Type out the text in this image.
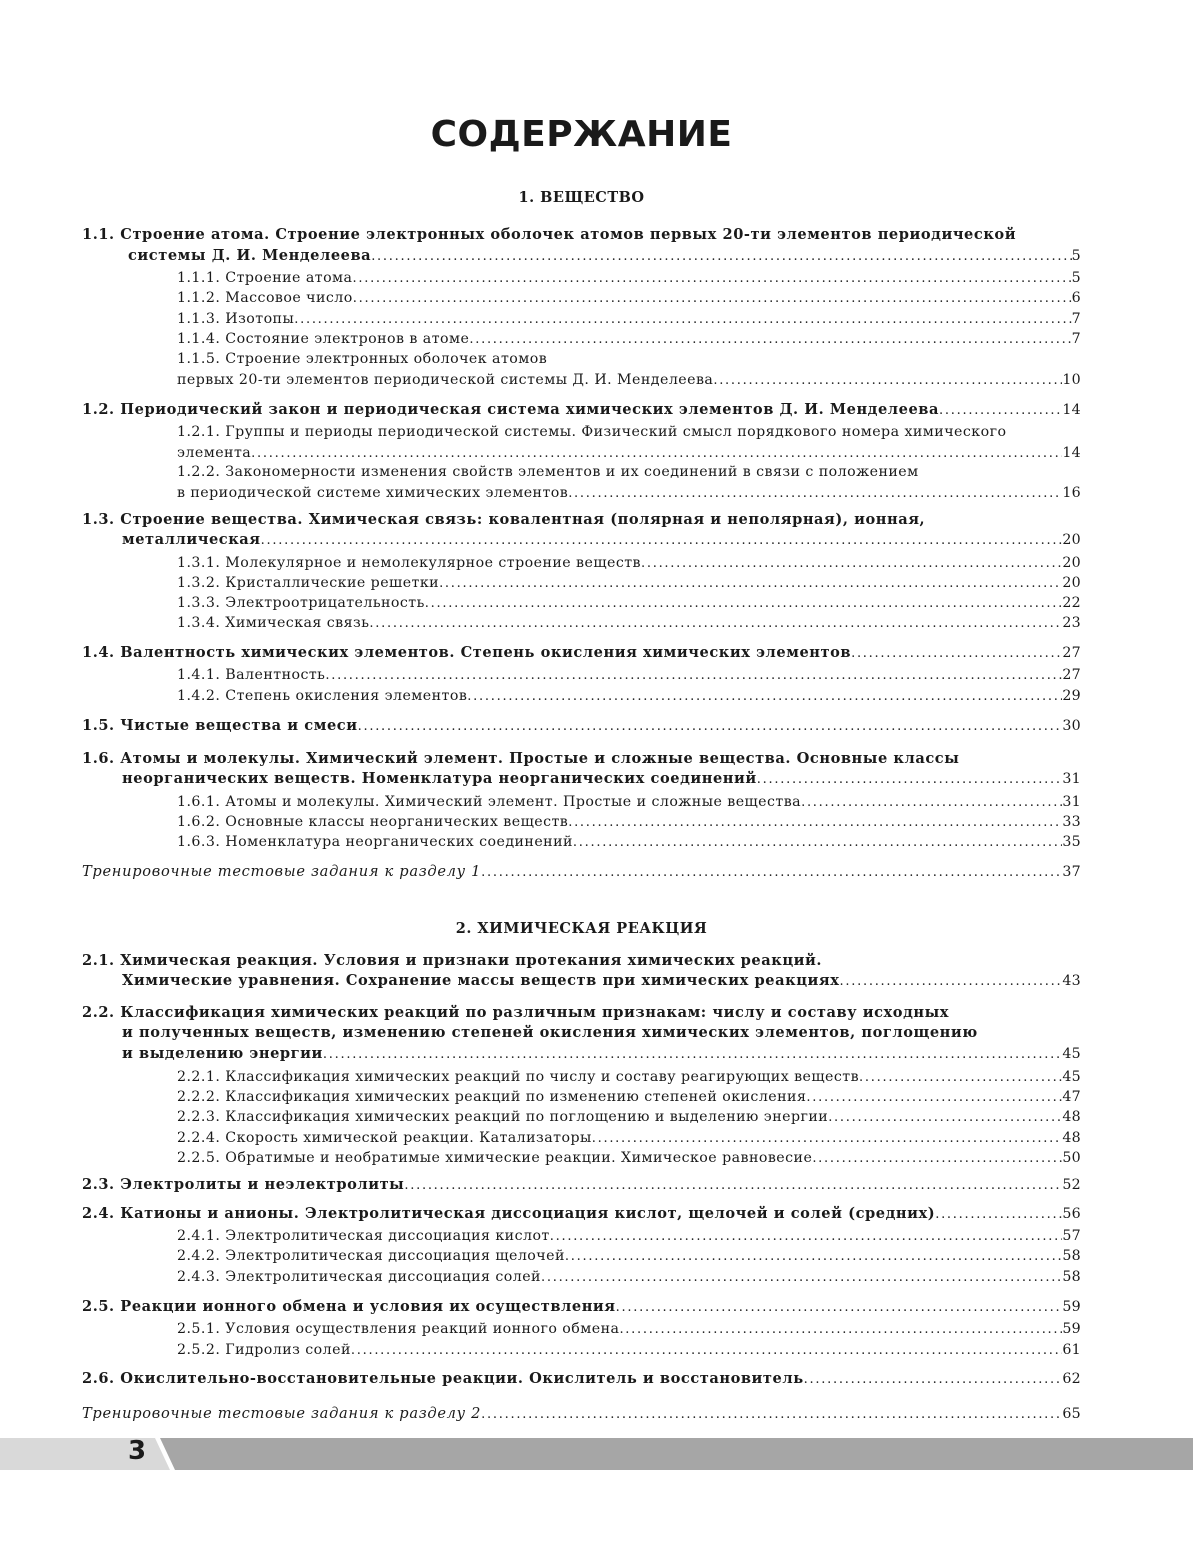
СОДЕРЖАНИЕ
1. ВЕЩЕСТВО
2. ХИМИЧЕСКАЯ РЕАКЦИЯ
1.1. Строение атома. Строение электронных оболочек атомов первых 20-ти элементов периодической
системы Д. И. Менделеева . . .	5
1.1.1. Строение атома . . .	5
1.1.2. Массовое число . . .	6
1.1.3. Изотопы . . .	7
1.1.4. Состояние электронов в атоме . . .	7
1.1.5. Строение электронных оболочек атомов
первых 20-ти элементов периодической системы Д. И. Менделеева . . .	10
1.2. Периодический закон и периодическая система химических элементов Д. И. Менделеева . . .	14
1.2.1. Группы и периоды периодической системы. Физический смысл порядкового номера химического
элемента . . .	14
1.2.2. Закономерности изменения свойств элементов и их соединений в связи с положением
в периодической системе химических элементов . . .	16
1.3. Строение вещества. Химическая связь: ковалентная (полярная и неполярная), ионная,
металлическая . . .	20
1.3.1. Молекулярное и немолекулярное строение веществ . . .	20
1.3.2. Кристаллические решетки . . .	20
1.3.3. Электроотрицательность . . .	22
1.3.4. Химическая связь . . .	23
1.4. Валентность химических элементов. Степень окисления химических элементов . . .	27
1.4.1. Валентность . . .	27
1.4.2. Степень окисления элементов . . .	29
1.5. Чистые вещества и смеси . . .	30
1.6. Атомы и молекулы. Химический элемент. Простые и сложные вещества. Основные классы
неорганических веществ. Номенклатура неорганических соединений . . .	31
1.6.1. Атомы и молекулы. Химический элемент. Простые и сложные вещества . . .	31
1.6.2. Основные классы неорганических веществ . . .	33
1.6.3. Номенклатура неорганических соединений . . .	35
Тренировочные тестовые задания к разделу 1 . . .	37
2.1. Химическая реакция. Условия и признаки протекания химических реакций.
Химические уравнения. Сохранение массы веществ при химических реакциях . . .	43
2.2. Классификация химических реакций по различным признакам: числу и составу исходных
и полученных веществ, изменению степеней окисления химических элементов, поглощению
и выделению энергии . . .	45
2.2.1. Классификация химических реакций по числу и составу реагирующих веществ . . .	45
2.2.2. Классификация химических реакций по изменению степеней окисления . . .	47
2.2.3. Классификация химических реакций по поглощению и выделению энергии . . .	48
2.2.4. Скорость химической реакции. Катализаторы . . .	48
2.2.5. Обратимые и необратимые химические реакции. Химическое равновесие . . .	50
2.3. Электролиты и неэлектролиты . . .	52
2.4. Катионы и анионы. Электролитическая диссоциация кислот, щелочей и солей (средних) . . .	56
2.4.1. Электролитическая диссоциация кислот . . .	57
2.4.2. Электролитическая диссоциация щелочей . . .	58
2.4.3. Электролитическая диссоциация солей . . .	58
2.5. Реакции ионного обмена и условия их осуществления . . .	59
2.5.1. Условия осуществления реакций ионного обмена . . .	59
2.5.2. Гидролиз солей . . .	61
2.6. Окислительно-восстановительные реакции. Окислитель и восстановитель . . .	62
Тренировочные тестовые задания к разделу 2 . . .	65
3
